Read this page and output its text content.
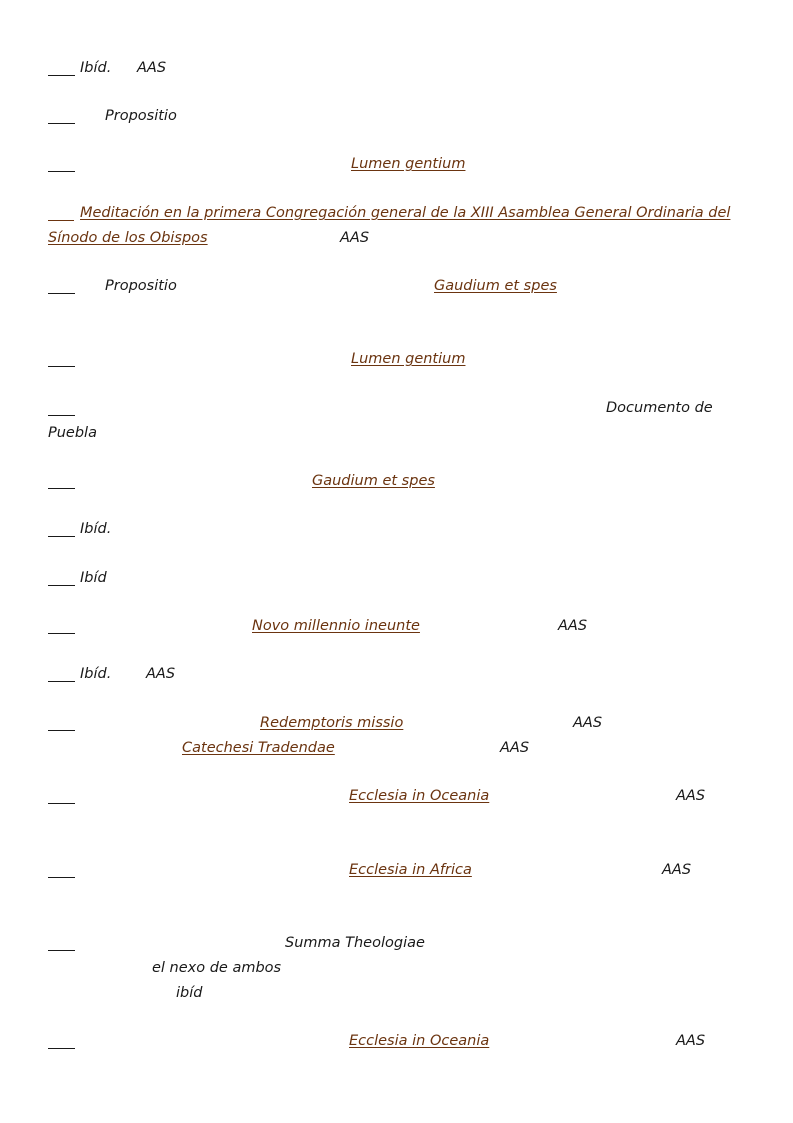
Ibíd. AAS
Propositio
Lumen gentium
Meditación en la primera Congregación general de la XIII Asamblea General Ordinaria del
Sínodo de los Obispos	AAS
Propositio	Gaudium et spes
Lumen gentium
Documento de
Puebla
Gaudium et spes
Ibíd.
Ibíd
Novo millennio ineunte	AAS
Ibíd. AAS
Redemptoris missio	AAS
Catechesi Tradendae	AAS
Ecclesia in Oceania	AAS
Ecclesia in Africa	AAS
Summa Theologiae
el nexo de ambos
ibíd
Ecclesia in Oceania	AAS
